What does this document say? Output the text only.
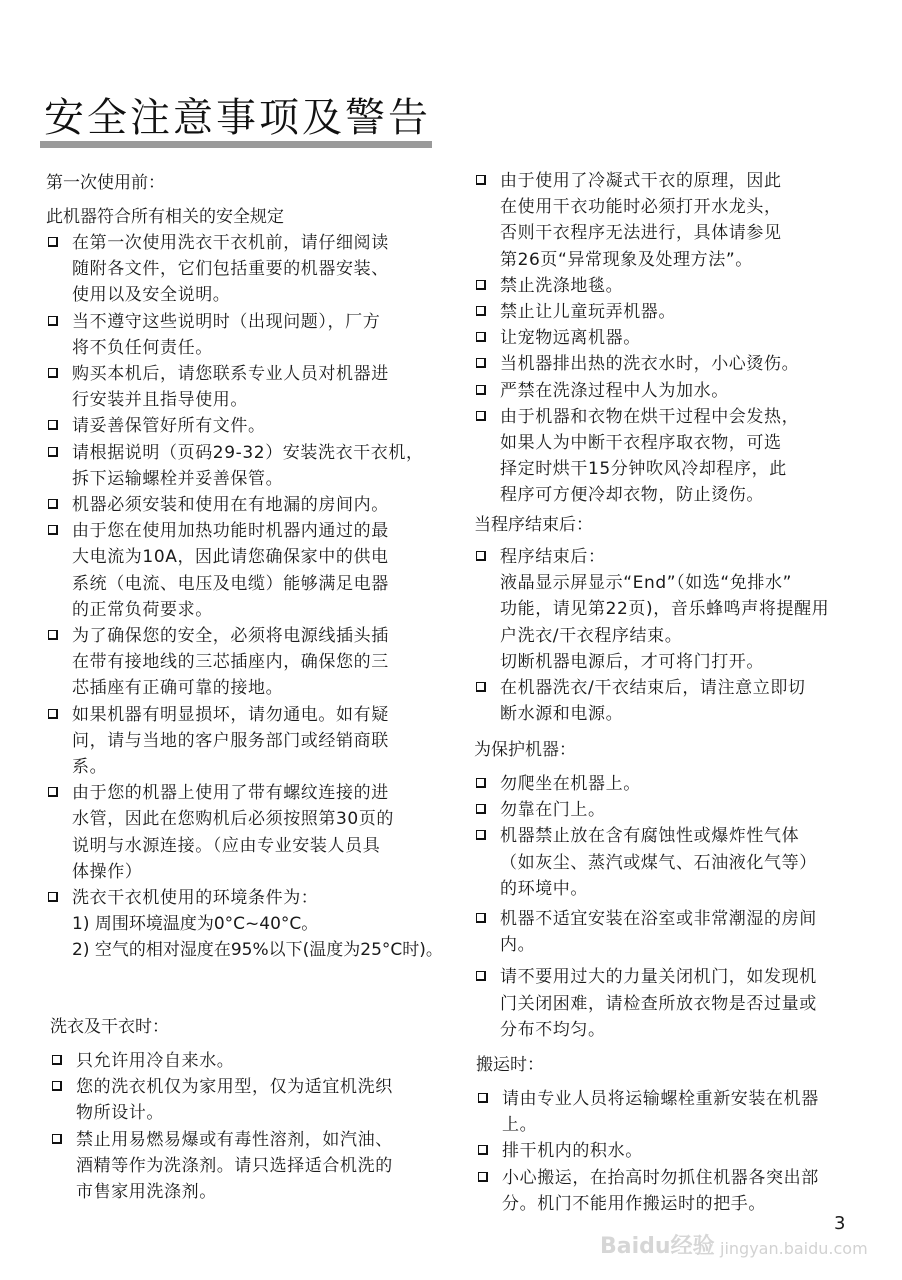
安全注意事项及警告
第一次使用前：
此机器符合所有相关的安全规定
在第一次使用洗衣干衣机前，请仔细阅读
随附各文件，它们包括重要的机器安装、
使用以及安全说明。
当不遵守这些说明时（出现问题），厂方
将不负任何责任。
购买本机后，请您联系专业人员对机器进
行安装并且指导使用。
请妥善保管好所有文件。
请根据说明（页码29-32）安装洗衣干衣机，
拆下运输螺栓并妥善保管。
机器必须安装和使用在有地漏的房间内。
由于您在使用加热功能时机器内通过的最
大电流为10A，因此请您确保家中的供电
系统（电流、电压及电缆）能够满足电器
的正常负荷要求。
为了确保您的安全，必须将电源线插头插
在带有接地线的三芯插座内，确保您的三
芯插座有正确可靠的接地。
如果机器有明显损坏，请勿通电。如有疑
问，请与当地的客户服务部门或经销商联
系。
由于您的机器上使用了带有螺纹连接的进
水管，因此在您购机后必须按照第30页的
说明与水源连接。（应由专业安装人员具
体操作）
洗衣干衣机使用的环境条件为：
1) 周围环境温度为0°C~40°C。
2) 空气的相对湿度在95%以下(温度为25°C时)。
洗衣及干衣时：
只允许用冷自来水。
您的洗衣机仅为家用型，仅为适宜机洗织
物所设计。
禁止用易燃易爆或有毒性溶剂，如汽油、
酒精等作为洗涤剂。请只选择适合机洗的
市售家用洗涤剂。
由于使用了冷凝式干衣的原理，因此
在使用干衣功能时必须打开水龙头，
否则干衣程序无法进行，具体请参见
第26页“异常现象及处理方法”。
禁止洗涤地毯。
禁止让儿童玩弄机器。
让宠物远离机器。
当机器排出热的洗衣水时，小心烫伤。
严禁在洗涤过程中人为加水。
由于机器和衣物在烘干过程中会发热，
如果人为中断干衣程序取衣物，可选
择定时烘干15分钟吹风冷却程序，此
程序可方便冷却衣物，防止烫伤。
当程序结束后：
程序结束后：
液晶显示屏显示“End”（如选“免排水”
功能，请见第22页)，音乐蜂鸣声将提醒用
户洗衣/干衣程序结束。
切断机器电源后，才可将门打开。
在机器洗衣/干衣结束后，请注意立即切
断水源和电源。
为保护机器：
勿爬坐在机器上。
勿靠在门上。
机器禁止放在含有腐蚀性或爆炸性气体
（如灰尘、蒸汽或煤气、石油液化气等）
的环境中。
机器不适宜安装在浴室或非常潮湿的房间
内。
请不要用过大的力量关闭机门，如发现机
门关闭困难，请检查所放衣物是否过量或
分布不均匀。
搬运时：
请由专业人员将运输螺栓重新安装在机器
上。
排干机内的积水。
小心搬运，在抬高时勿抓住机器各突出部
分。机门不能用作搬运时的把手。
3
Baidu经验 jingyan.baidu.com
